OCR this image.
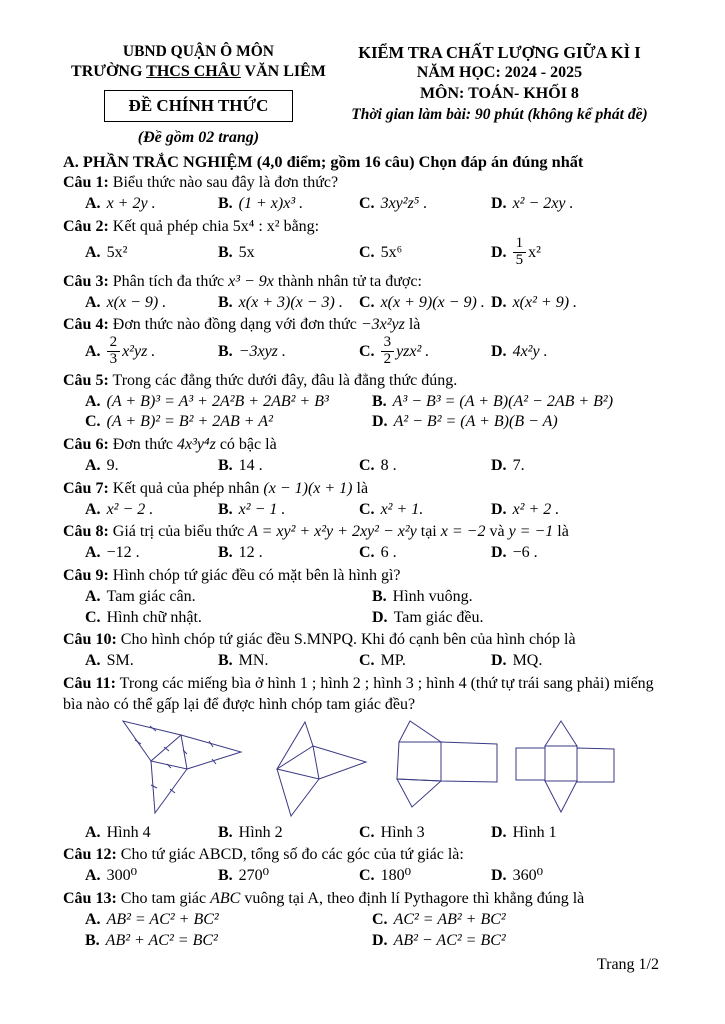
UBND QUẬN Ô MÔN
TRƯỜNG THCS CHÂU VĂN LIÊM
ĐỀ CHÍNH THỨC
(Đề gồm 02 trang)
KIỂM TRA CHẤT LƯỢNG GIỮA KÌ I
NĂM HỌC: 2024 - 2025
MÔN: TOÁN- KHỐI 8
Thời gian làm bài: 90 phút (không kể phát đề)
A. PHẦN TRẮC NGHIỆM (4,0 điểm; gồm 16 câu) Chọn đáp án đúng nhất

Câu 1: Biểu thức nào sau đây là đơn thức?

A. x + 2y .	B. (1 + x)x³ .	C. 3xy²z⁵ .	D. x² − 2xy .

Câu 2: Kết quả phép chia 5x⁴ : x² bằng:

A. 5x²	B. 5x	C. 5x⁶	D. $\frac{1}{5} x^2$

Câu 3: Phân tích đa thức x³ − 9x thành nhân tử ta được:

A. x(x − 9) .	B. x(x + 3)(x − 3) .	C. x(x + 9)(x − 9) . D. x(x² + 9) .

Câu 4: Đơn thức nào đồng dạng với đơn thức −3x²yz là

A. $\frac{2}{3} x^2yz$ .	B. −3xyz .	C. $\frac{3}{2} yzx^2$ .	D. 4x²y .

Câu 5: Trong các đẳng thức dưới đây, đâu là đẳng thức đúng.

A. (A + B)³ = A³ + 2A²B + 2AB² + B³	B. A³ − B³ = (A + B)(A² − 2AB + B²)
C. (A + B)² = B² + 2AB + A²	D. A² − B² = (A + B)(B − A)

Câu 6: Đơn thức 4x³y⁴z có bậc là

A. 9.	B. 14 .	C. 8 .	D. 7.

Câu 7: Kết quả của phép nhân (x − 1)(x + 1) là

A. x² − 2 .	B. x² − 1 .	C. x² + 1.	D. x² + 2 .

Câu 8: Giá trị của biểu thức A = xy² + x²y + 2xy² − x²y tại x = −2 và y = −1 là

A. −12 .	B. 12 .	C. 6 .	D. −6 .

Câu 9: Hình chóp tứ giác đều có mặt bên là hình gì?

A. Tam giác cân.	B. Hình vuông.
C. Hình chữ nhật.	D. Tam giác đều.

Câu 10: Cho hình chóp tứ giác đều S.MNPQ. Khi đó cạnh bên của hình chóp là

A. SM.	B. MN.	C. MP.	D. MQ.

Câu 11: Trong các miếng bìa ở hình 1 ; hình 2 ; hình 3 ; hình 4 (thứ tự trái sang phải) miếng bìa nào có thể gấp lại để được hình chóp tam giác đều?

A. Hình 4	B. Hình 2	C. Hình 3	D. Hình 1

Câu 12: Cho tứ giác ABCD, tổng số đo các góc của tứ giác là:

A. 300⁰	B. 270⁰	C. 180⁰	D. 360⁰

Câu 13: Cho tam giác ABC vuông tại A, theo định lí Pythagore thì khẳng đúng là

A. AB² = AC² + BC²	C. AC² = AB² + BC²
B. AB² + AC² = BC²	D. AB² − AC² = BC²
Trang 1/2
